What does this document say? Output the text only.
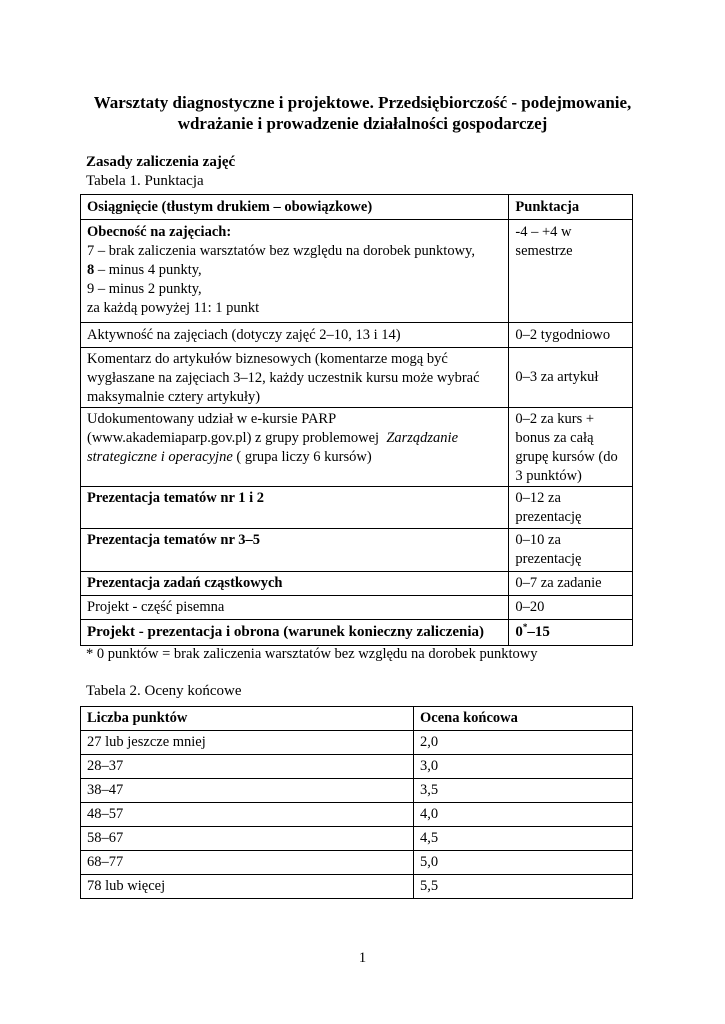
Warsztaty diagnostyczne i projektowe. Przedsiębiorczość - podejmowanie, wdrażanie i prowadzenie działalności gospodarczej
Zasady zaliczenia zajęć
Tabela 1. Punktacja
Osiągnięcie (tłustym drukiem – obowiązkowe)	Punktacja

Obecność na zajęciach:
7 – brak zaliczenia warsztatów bez względu na dorobek punktowy,
8 – minus 4 punkty,
9 – minus 2 punkty,
za każdą powyżej 11: 1 punkt	-4 – +4 w semestrze
Aktywność na zajęciach (dotyczy zajęć 2–10, 13 i 14)	0–2 tygodniowo
Komentarz do artykułów biznesowych (komentarze mogą być wygłaszane na zajęciach 3–12, każdy uczestnik kursu może wybrać maksymalnie cztery artykuły)	0–3 za artykuł
Udokumentowany udział w e-kursie PARP (www.akademiaparp.gov.pl) z grupy problemowej Zarządzanie strategiczne i operacyjne ( grupa liczy 6 kursów)	0–2 za kurs + bonus za całą grupę kursów (do 3 punktów)
Prezentacja tematów nr 1 i 2	0–12 za prezentację
Prezentacja tematów nr 3–5	0–10 za prezentację
Prezentacja zadań cząstkowych	0–7 za zadanie
Projekt - część pisemna	0–20
Projekt - prezentacja i obrona (warunek konieczny zaliczenia)	0*–15
* 0 punktów = brak zaliczenia warsztatów bez względu na dorobek punktowy
Tabela 2. Oceny końcowe
Liczba punktów	Ocena końcowa
27 lub jeszcze mniej	2,0
28–37	3,0
38–47	3,5
48–57	4,0
58–67	4,5
68–77	5,0
78 lub więcej	5,5
1
